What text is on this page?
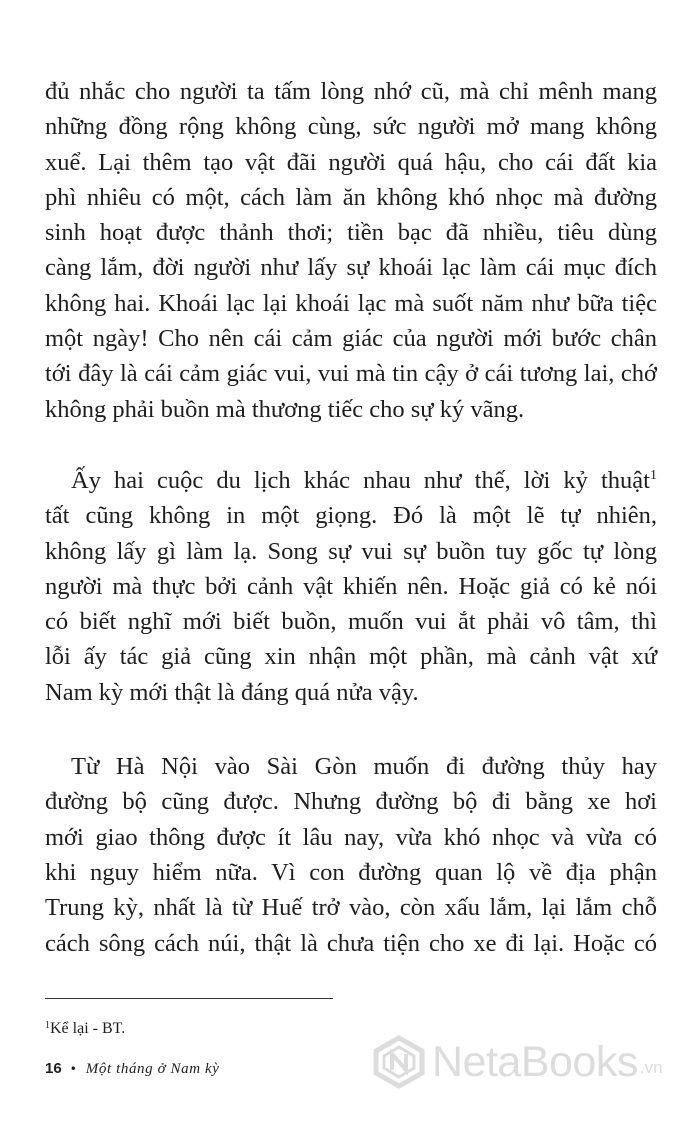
đủ nhắc cho người ta tấm lòng nhớ cũ, mà chỉ mênh mang
những đồng rộng không cùng, sức người mở mang không
xuể. Lại thêm tạo vật đãi người quá hậu, cho cái đất kia
phì nhiêu có một, cách làm ăn không khó nhọc mà đường
sinh hoạt được thảnh thơi; tiền bạc đã nhiều, tiêu dùng
càng lắm, đời người như lấy sự khoái lạc làm cái mục đích
không hai. Khoái lạc lại khoái lạc mà suốt năm như bữa tiệc
một ngày! Cho nên cái cảm giác của người mới bước chân
tới đây là cái cảm giác vui, vui mà tin cậy ở cái tương lai, chớ
không phải buồn mà thương tiếc cho sự ký vãng.

Ấy hai cuộc du lịch khác nhau như thế, lời kỷ thuật$^1$
tất cũng không in một giọng. Đó là một lẽ tự nhiên,
không lấy gì làm lạ. Song sự vui sự buồn tuy gốc tự lòng
người mà thực bởi cảnh vật khiến nên. Hoặc giả có kẻ nói
có biết nghĩ mới biết buồn, muốn vui ắt phải vô tâm, thì
lỗi ấy tác giả cũng xin nhận một phần, mà cảnh vật xứ
Nam kỳ mới thật là đáng quá nửa vậy.

Từ Hà Nội vào Sài Gòn muốn đi đường thủy hay
đường bộ cũng được. Nhưng đường bộ đi bằng xe hơi
mới giao thông được ít lâu nay, vừa khó nhọc và vừa có
khi nguy hiểm nữa. Vì con đường quan lộ về địa phận
Trung kỳ, nhất là từ Huế trở vào, còn xấu lắm, lại lắm chỗ
cách sông cách núi, thật là chưa tiện cho xe đi lại. Hoặc có

$^1$Kể lại - BT.
16 • Một tháng ở Nam kỳ	NetaBooks .vn
